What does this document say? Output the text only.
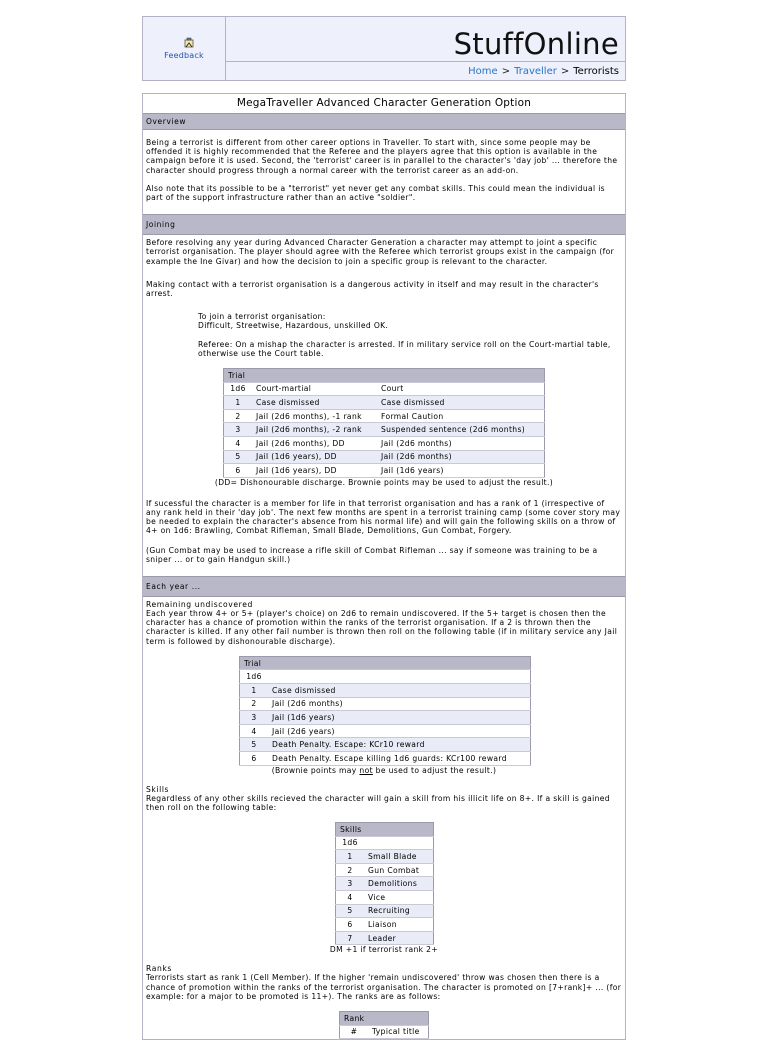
Feedback	StuffOnline
Home > Traveller > Terrorists
MegaTraveller Advanced Character Generation Option
Overview

Being a terrorist is different from other career options in Traveller. To start with, since some people may be offended it is highly recommended that the Referee and the players agree that this option is available in the campaign before it is used. Second, the 'terrorist' career is in parallel to the character's 'day job' ... therefore the character should progress through a normal career with the terrorist career as an add-on.

Also note that its possible to be a "terrorist" yet never get any combat skills. This could mean the individual is part of the support infrastructure rather than an active "soldier".

Joining

Before resolving any year during Advanced Character Generation a character may attempt to joint a specific terrorist organisation. The player should agree with the Referee which terrorist groups exist in the campaign (for example the Ine Givar) and how the decision to join a specific group is relevant to the character.

Making contact with a terrorist organisation is a dangerous activity in itself and may result in the character's arrest.

To join a terrorist organisation:

Difficult, Streetwise, Hazardous, unskilled OK.

Referee: On a mishap the character is arrested. If in military service roll on the Court-martial table, otherwise use the Court table.

Trial		
1d6	Court-martial	Court
1	Case dismissed	Case dismissed
2	Jail (2d6 months), -1 rank	Formal Caution
3	Jail (2d6 months), -2 rank	Suspended sentence (2d6 months)
4	Jail (2d6 months), DD	Jail (2d6 months)
5	Jail (1d6 years), DD	Jail (2d6 months)
6	Jail (1d6 years), DD	Jail (1d6 years)
(DD= Dishonourable discharge. Brownie points may be used to adjust the result.)

If sucessful the character is a member for life in that terrorist organisation and has a rank of 1 (irrespective of any rank held in their 'day job'. The next few months are spent in a terrorist training camp (some cover story may be needed to explain the character's absence from his normal life) and will gain the following skills on a throw of 4+ on 1d6: Brawling, Combat Rifleman, Small Blade, Demolitions, Gun Combat, Forgery.

(Gun Combat may be used to increase a rifle skill of Combat Rifleman ... say if someone was training to be a sniper ... or to gain Handgun skill.)

Each year ...
Remaining undiscovered

Each year throw 4+ or 5+ (player's choice) on 2d6 to remain undiscovered. If the 5+ target is chosen then the character has a chance of promotion within the ranks of the terrorist organisation. If a 2 is thrown then the character is killed. If any other fail number is thrown then roll on the following table (if in military service any Jail term is followed by dishonourable discharge).

Trial	
1d6	
1	Case dismissed
2	Jail (2d6 months)
3	Jail (1d6 years)
4	Jail (2d6 years)
5	Death Penalty. Escape: KCr10 reward
6	Death Penalty. Escape killing 1d6 guards: KCr100 reward
(Brownie points may not be used to adjust the result.)
Skills

Regardless of any other skills recieved the character will gain a skill from his illicit life on 8+. If a skill is gained then roll on the following table:

Skills	
1d6	
1	Small Blade
2	Gun Combat
3	Demolitions
4	Vice
5	Recruiting
6	Liaison
7	Leader
DM +1 if terrorist rank 2+
Ranks

Terrorists start as rank 1 (Cell Member). If the higher 'remain undiscovered' throw was chosen then there is a chance of promotion within the ranks of the terrorist organisation. The character is promoted on [7+rank]+ ... (for example: for a major to be promoted is 11+). The ranks are as follows:

Rank
#	Typical title
